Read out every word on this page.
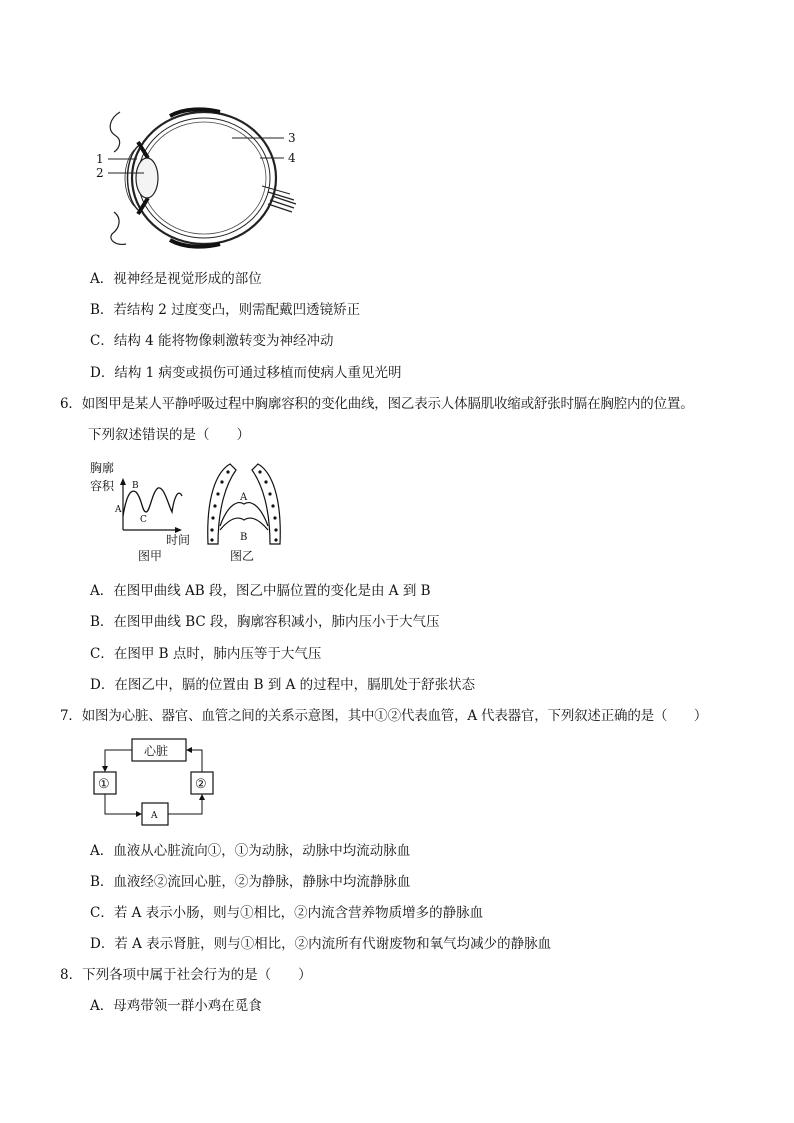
1
2
3
4
A．视神经是视觉形成的部位
B．若结构 2 过度变凸，则需配戴凹透镜矫正
C．结构 4 能将物像刺激转变为神经冲动
D．结构 1 病变或损伤可通过移植而使病人重见光明
6．如图甲是某人平静呼吸过程中胸廓容积的变化曲线，图乙表示人体膈肌收缩或舒张时膈在胸腔内的位置。
下列叙述错误的是（　　）
胸廓
容积
A
B
C
时间
图甲
A
B
图乙
A．在图甲曲线 AB 段，图乙中膈位置的变化是由 A 到 B
B．在图甲曲线 BC 段，胸廓容积减小，肺内压小于大气压
C．在图甲 B 点时，肺内压等于大气压
D．在图乙中，膈的位置由 B 到 A 的过程中，膈肌处于舒张状态
7．如图为心脏、器官、血管之间的关系示意图，其中①②代表血管，A 代表器官，下列叙述正确的是（　　）
心脏
①	②
A
A．血液从心脏流向①，①为动脉，动脉中均流动脉血
B．血液经②流回心脏，②为静脉，静脉中均流静脉血
C．若 A 表示小肠，则与①相比，②内流含营养物质增多的静脉血
D．若 A 表示肾脏，则与①相比，②内流所有代谢废物和氧气均减少的静脉血
8．下列各项中属于社会行为的是（　　）
A．母鸡带领一群小鸡在觅食
